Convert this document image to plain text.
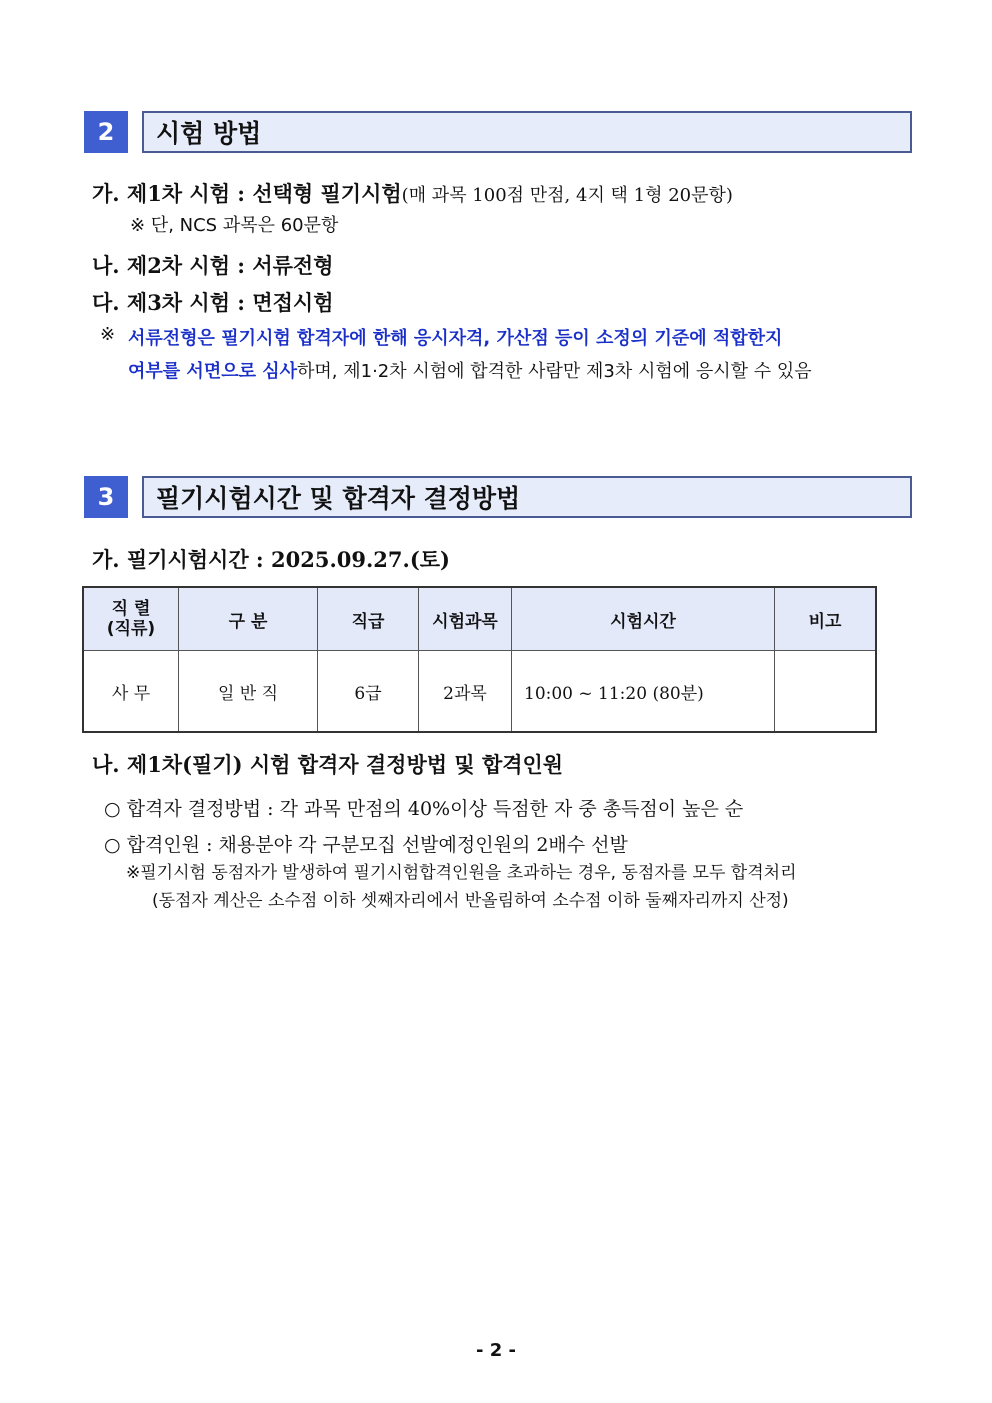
2	시험 방법
가. 제1차 시험 : 선택형 필기시험(매 과목 100점 만점, 4지 택 1형 20문항)
※ 단, NCS 과목은 60문항
나. 제2차 시험 : 서류전형
다. 제3차 시험 : 면접시험
※ 서류전형은 필기시험 합격자에 한해 응시자격, 가산점 등이 소정의 기준에 적합한지
여부를 서면으로 심사하며, 제1·2차 시험에 합격한 사람만 제3차 시험에 응시할 수 있음
3	필기시험시간 및 합격자 결정방법
가. 필기시험시간 : 2025.09.27.(토)
직 렬
(직류)	구 분	직급	시험과목	시험시간	비고
사 무	일 반 직	6급	2과목	10:00 ~ 11:20 (80분)	
나. 제1차(필기) 시험 합격자 결정방법 및 합격인원
○ 합격자 결정방법 : 각 과목 만점의 40%이상 득점한 자 중 총득점이 높은 순
○ 합격인원 : 채용분야 각 구분모집 선발예정인원의 2배수 선발
※필기시험 동점자가 발생하여 필기시험합격인원을 초과하는 경우, 동점자를 모두 합격처리
(동점자 계산은 소수점 이하 셋째자리에서 반올림하여 소수점 이하 둘째자리까지 산정)
- 2 -
